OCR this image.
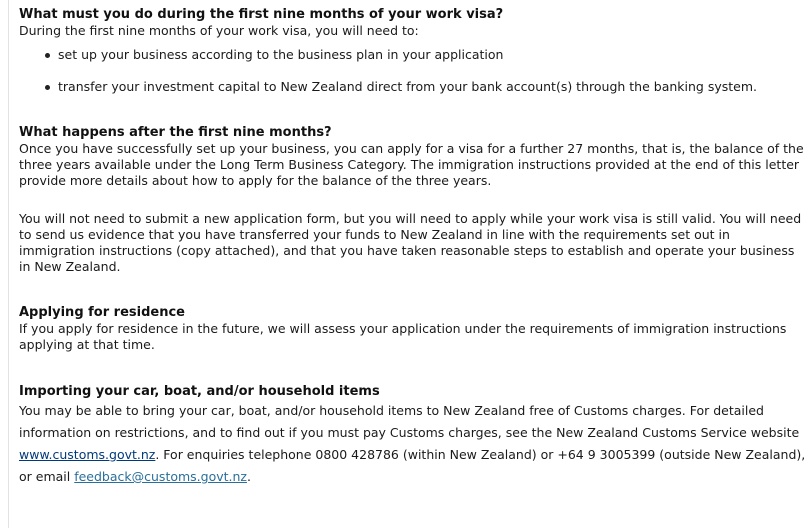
What must you do during the first nine months of your work visa?

During the first nine months of your work visa, you will need to:

set up your business according to the business plan in your application
transfer your investment capital to New Zealand direct from your bank account(s) through the banking system.
What happens after the first nine months?

Once you have successfully set up your business, you can apply for a visa for a further 27 months, that is, the balance of the three years available under the Long Term Business Category. The immigration instructions provided at the end of this letter provide more details about how to apply for the balance of the three years.

You will not need to submit a new application form, but you will need to apply while your work visa is still valid. You will need to send us evidence that you have transferred your funds to New Zealand in line with the requirements set out in immigration instructions (copy attached), and that you have taken reasonable steps to establish and operate your business in New Zealand.

Applying for residence

If you apply for residence in the future, we will assess your application under the requirements of immigration instructions applying at that time.

Importing your car, boat, and/or household items

You may be able to bring your car, boat, and/or household items to New Zealand free of Customs charges. For detailed information on restrictions, and to find out if you must pay Customs charges, see the New Zealand Customs Service website www.customs.govt.nz. For enquiries telephone 0800 428786 (within New Zealand) or +64 9 3005399 (outside New Zealand), or email feedback@customs.govt.nz.
